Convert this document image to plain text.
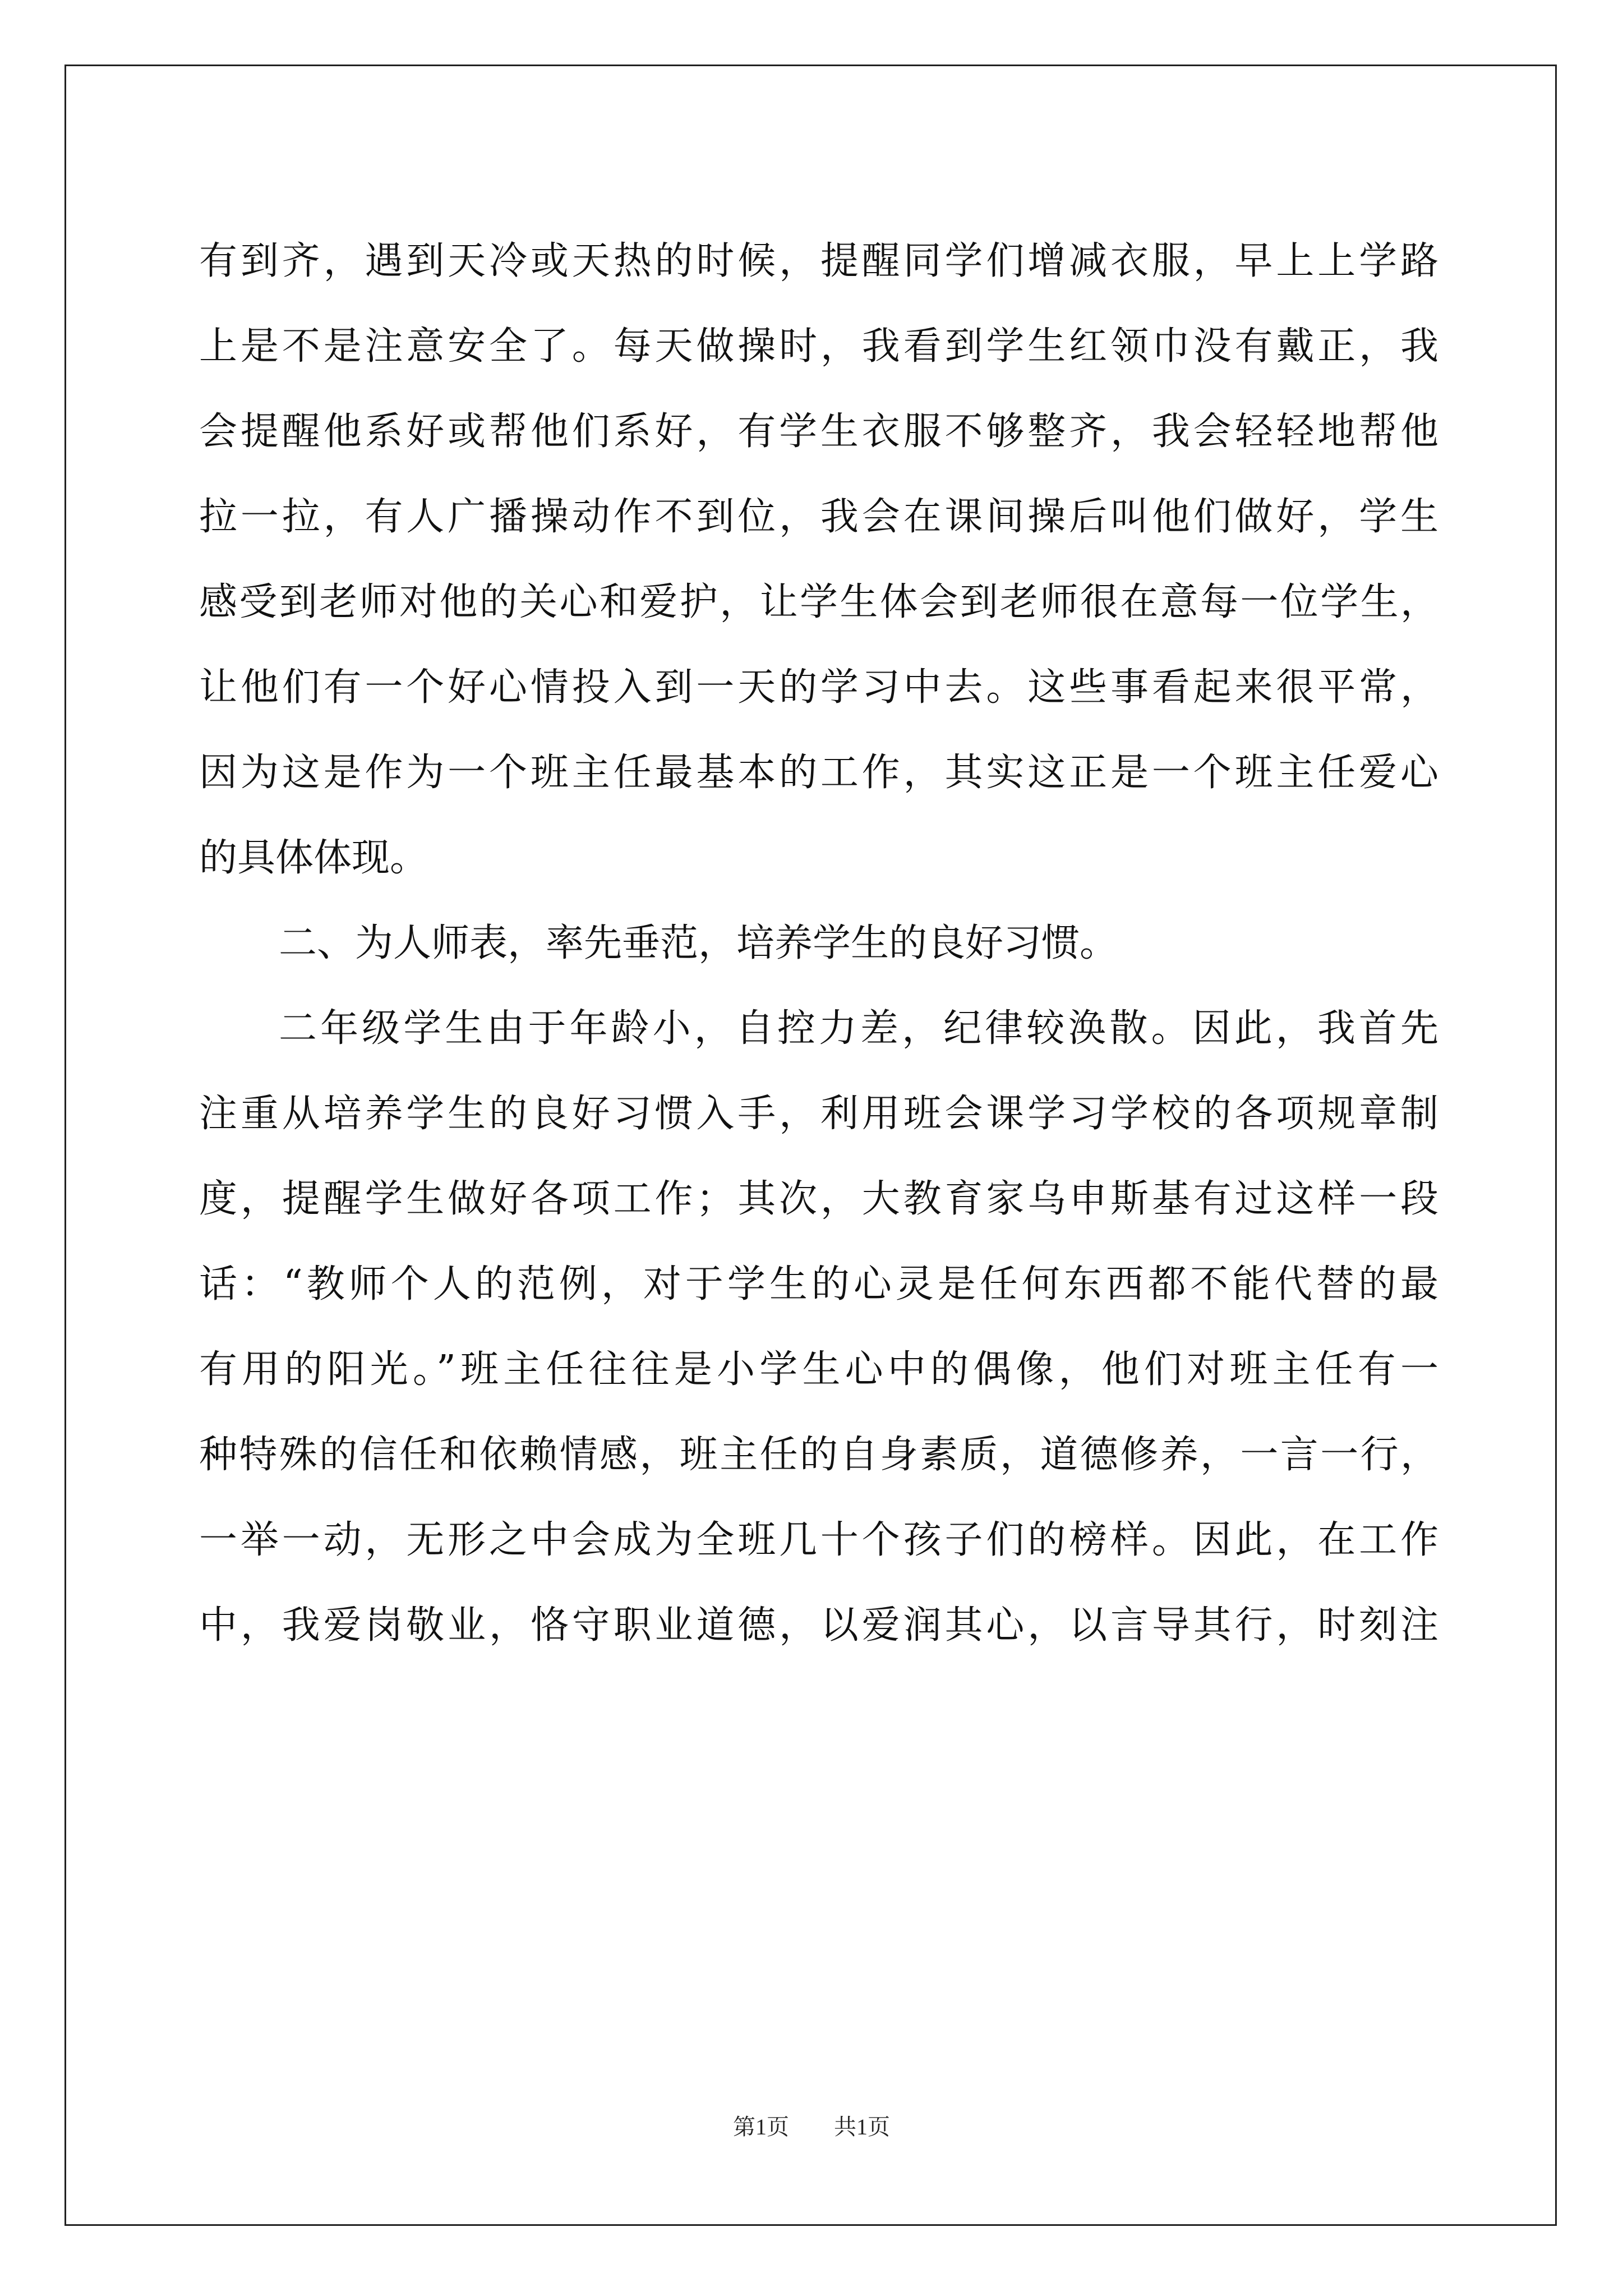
有到齐，遇到天冷或天热的时候，提醒同学们增减衣服，早上上学路
上是不是注意安全了。每天做操时，我看到学生红领巾没有戴正，我
会提醒他系好或帮他们系好，有学生衣服不够整齐，我会轻轻地帮他
拉一拉，有人广播操动作不到位，我会在课间操后叫他们做好，学生
感受到老师对他的关心和爱护，让学生体会到老师很在意每一位学生，
让他们有一个好心情投入到一天的学习中去。这些事看起来很平常，
因为这是作为一个班主任最基本的工作，其实这正是一个班主任爱心
的具体体现。
二、为人师表，率先垂范，培养学生的良好习惯。
二年级学生由于年龄小，自控力差，纪律较涣散。因此，我首先
注重从培养学生的良好习惯入手，利用班会课学习学校的各项规章制
度，提醒学生做好各项工作；其次，大教育家乌申斯基有过这样一段
话：“教师个人的范例，对于学生的心灵是任何东西都不能代替的最
有用的阳光。”班主任往往是小学生心中的偶像，他们对班主任有一
种特殊的信任和依赖情感，班主任的自身素质，道德修养，一言一行，
一举一动，无形之中会成为全班几十个孩子们的榜样。因此，在工作
中，我爱岗敬业，恪守职业道德，以爱润其心，以言导其行，时刻注
第1页 共1页
